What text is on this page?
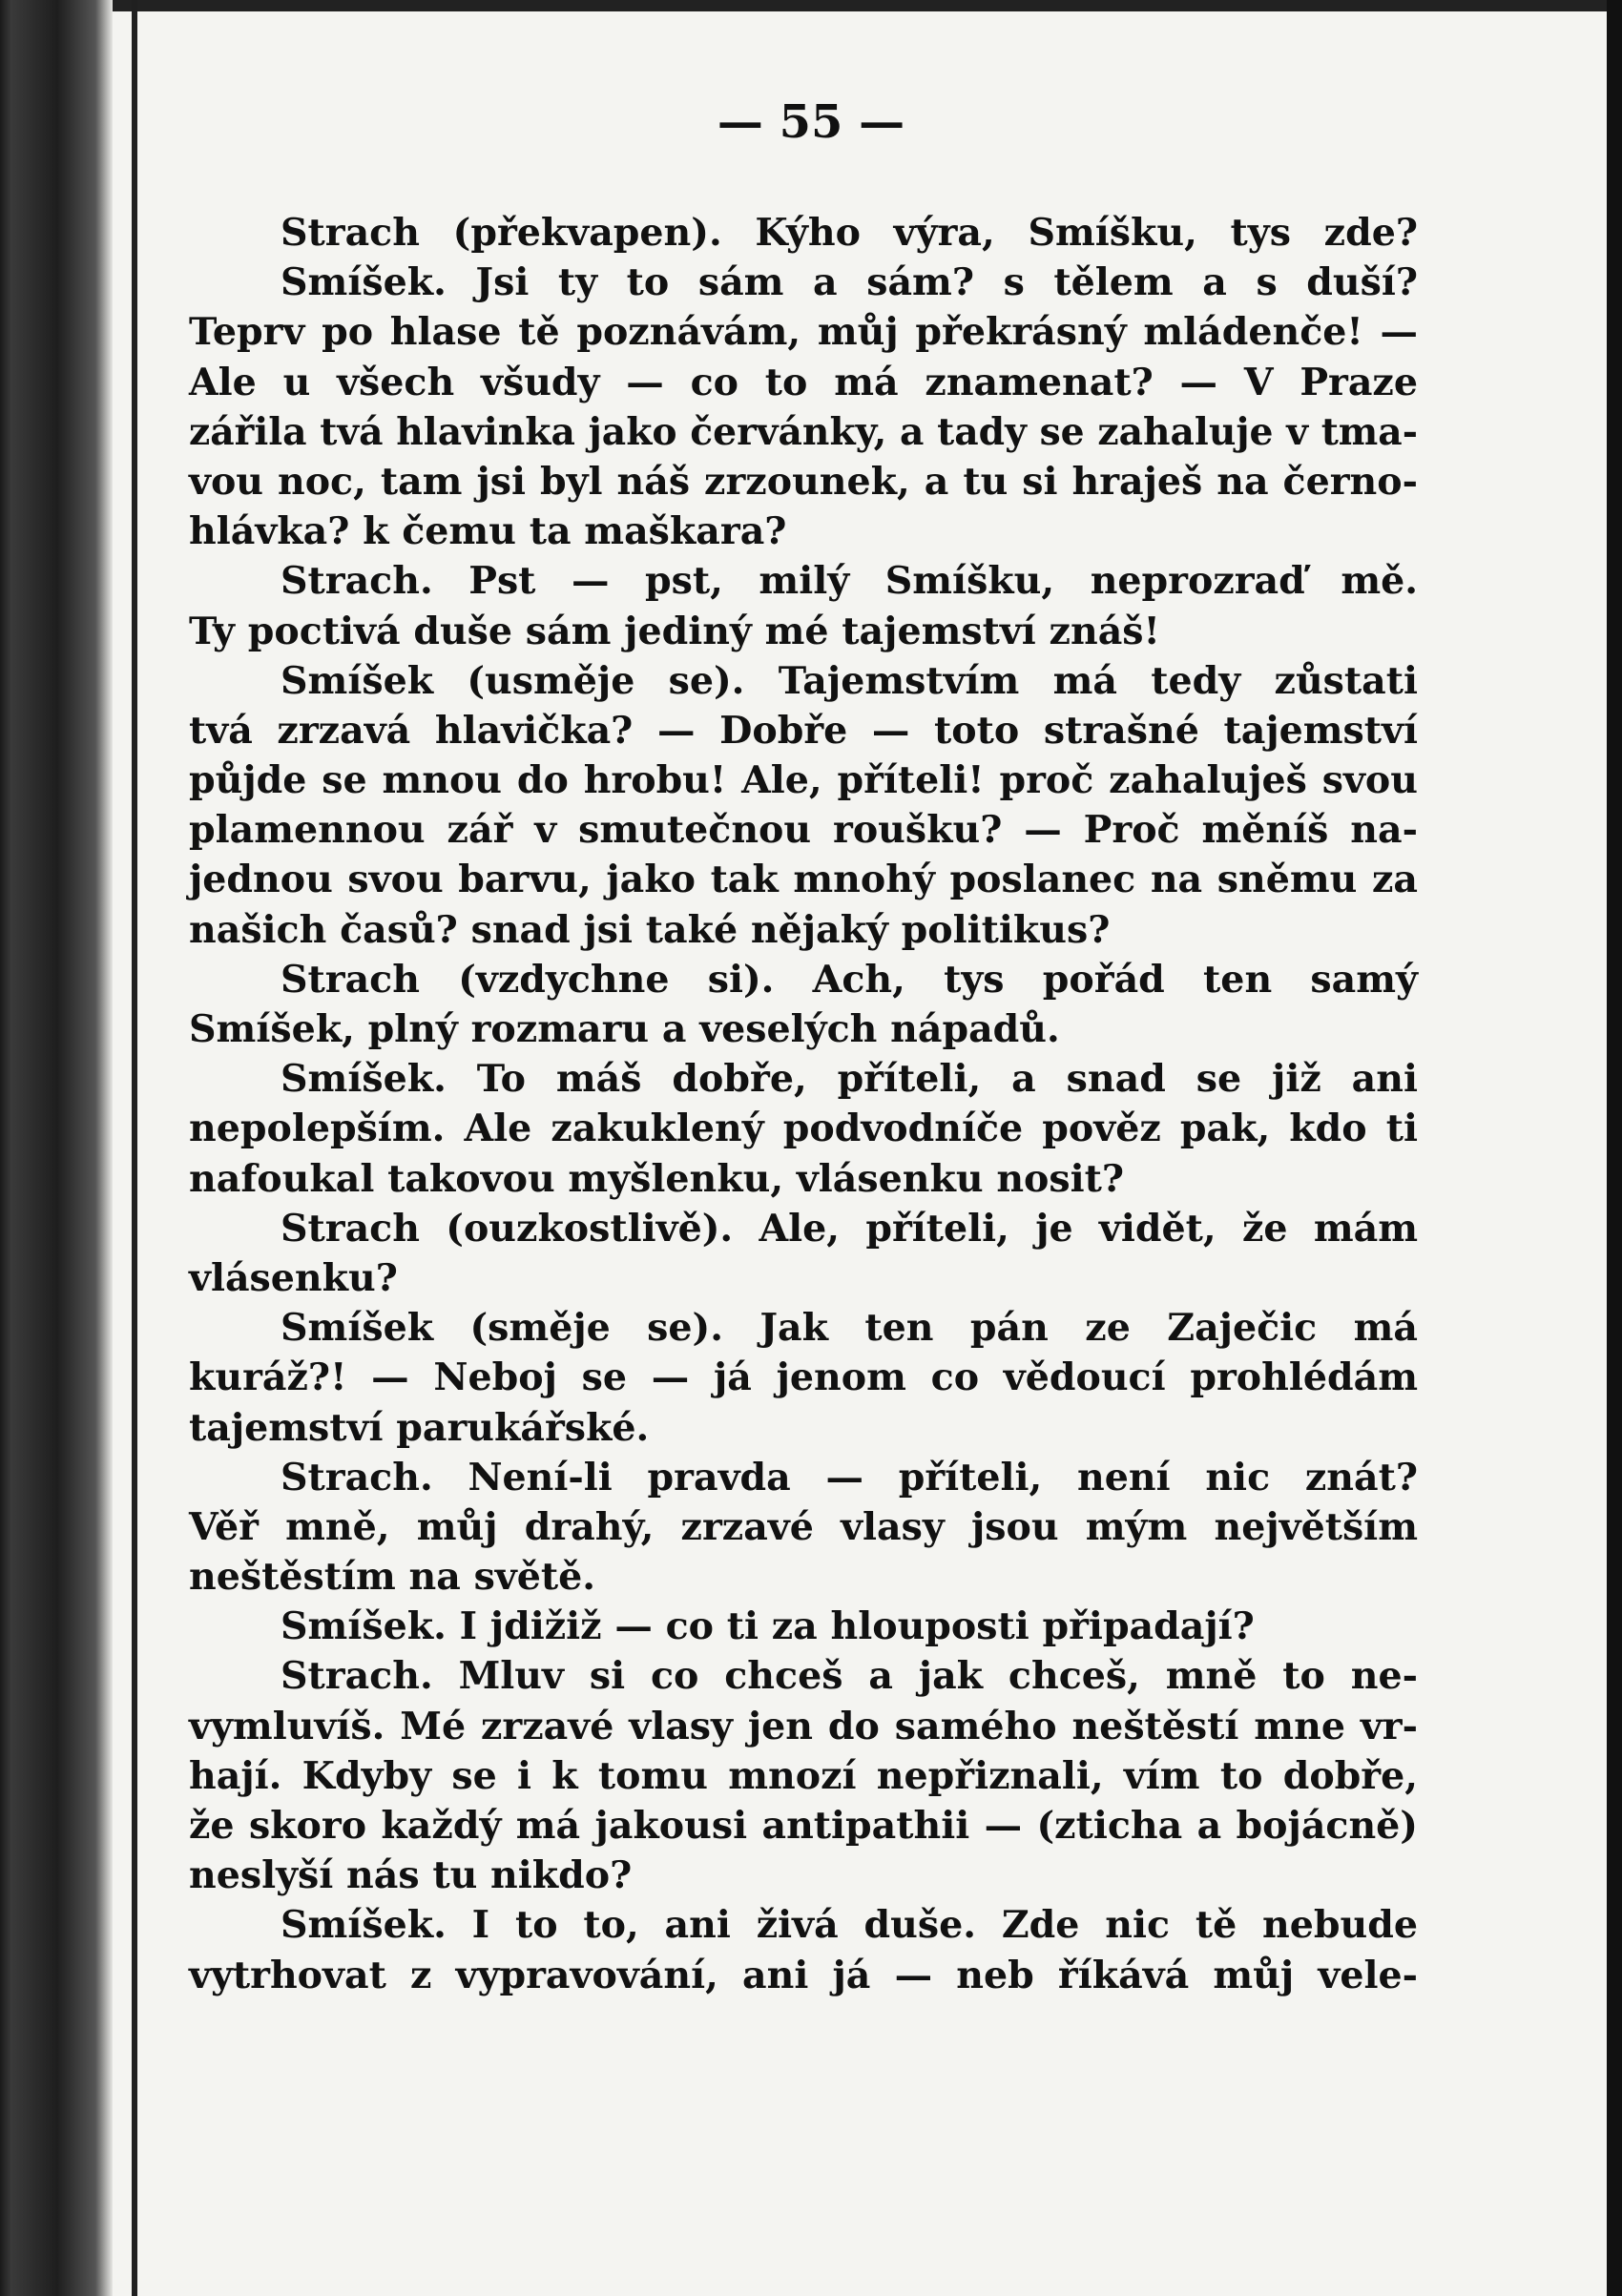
— 55 —
Strach (překvapen). Kýho výra, Smíšku, tys zde?
Smíšek. Jsi ty to sám a sám? s tělem a s duší?
Teprv po hlase tě poznávám, můj překrásný mládenče! —
Ale u všech všudy — co to má znamenat? — V Praze
zářila tvá hlavinka jako červánky, a tady se zahaluje v tma-
vou noc, tam jsi byl náš zrzounek, a tu si hraješ na černo-
hlávka? k čemu ta maškara?
Strach. Pst — pst, milý Smíšku, neprozraď mě.
Ty poctivá duše sám jediný mé tajemství znáš!
Smíšek (usměje se). Tajemstvím má tedy zůstati
tvá zrzavá hlavička? — Dobře — toto strašné tajemství
půjde se mnou do hrobu! Ale, příteli! proč zahaluješ svou
plamennou zář v smutečnou roušku? — Proč měníš na-
jednou svou barvu, jako tak mnohý poslanec na sněmu za
našich časů? snad jsi také nějaký politikus?
Strach (vzdychne si). Ach, tys pořád ten samý
Smíšek, plný rozmaru a veselých nápadů.
Smíšek. To máš dobře, příteli, a snad se již ani
nepolepším. Ale zakuklený podvodníče pověz pak, kdo ti
nafoukal takovou myšlenku, vlásenku nosit?
Strach (ouzkostlivě). Ale, příteli, je vidět, že mám
vlásenku?
Smíšek (směje se). Jak ten pán ze Zaječic má
kuráž?! — Neboj se — já jenom co vědoucí prohlédám
tajemství parukářské.
Strach. Není-li pravda — příteli, není nic znát?
Věř mně, můj drahý, zrzavé vlasy jsou mým největším
neštěstím na světě.
Smíšek. I jdižiž — co ti za hlouposti připadají?
Strach. Mluv si co chceš a jak chceš, mně to ne-
vymluvíš. Mé zrzavé vlasy jen do samého neštěstí mne vr-
hají. Kdyby se i k tomu mnozí nepřiznali, vím to dobře,
že skoro každý má jakousi antipathii — (zticha a bojácně)
neslyší nás tu nikdo?
Smíšek. I to to, ani živá duše. Zde nic tě nebude
vytrhovat z vypravování, ani já — neb říkává můj vele-
